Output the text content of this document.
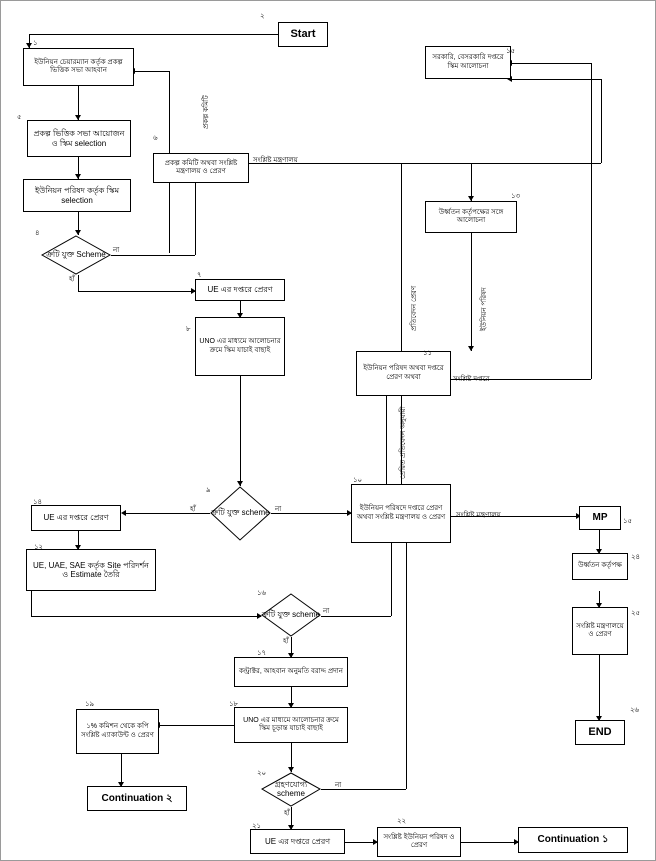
Start
২
ইউনিয়ন চেয়ারম্যান কর্তৃক প্রকল্প ভিত্তিক সভা আহবান
১
প্রকল্প ভিত্তিক সভা আয়োজন ও স্কিম selection
৫
ইউনিয়ন পরিষদ কর্তৃক স্কিম selection
ক্রটি যুক্ত Scheme
৪
না
হাঁ
প্রকল্প কমিটি অথবা সংশ্লিষ্ট মন্ত্রণালয় ও প্রেরণ
৬
UE এর দপ্তরে প্রেরণ
৭
UNO এর মাধ্যমে আলোচনার ক্রমে স্কিম যাচাই বাছাই
৮
ক্রটি যুক্ত scheme
৯
হাঁ	না
UE এর দপ্তরে প্রেরণ
১৪
UE, UAE, SAE কর্তৃক Site পরিদর্শন ও Estimate তৈরি
১২
ইউনিয়ন পরিষদে দপ্তরে প্রেরণ অথবা সংশ্লিষ্ট মন্ত্রণালয় ও প্রেরণ
১০
ইউনিয়ন পরিষদ অথবা দপ্তরে প্রেরণ অথবা
১১
উর্ধ্বতন কর্তৃপক্ষের সঙ্গে আলোচনা
১৩
সরকারি, বেসরকারি দপ্তরে স্কিম আলোচনা
১৫
MP	১৫
উর্ধ্বতন কর্তৃপক্ষ
২৪
সংশ্লিষ্ট মন্ত্রণালয়ে ও প্রেরণ
২৫
END
২৬
ক্রটি যুক্ত scheme
১৬
না
হাঁ
কন্ট্রাক্টর, আহবান অনুমতি বরাদ্দ প্রদান
১৭
UNO এর মাধ্যমে আলোচনার ক্রমে স্কিম চূড়ান্ত যাচাই বাছাই
১৮
১% কমিশন থেকে কপি সংশ্লিষ্ট এ্যাকাউন্ট ও প্রেরণ
১৯
Continuation ২
গ্রহণযোগ্য scheme
২০
না
হাঁ
UE এর দপ্তরে প্রেরণ
২১
সংশ্লিষ্ট ইউনিয়ন পরিষদ ও প্রেরণ
২২
Continuation ১
সংশ্লিষ্ট মন্ত্রণালয়
সংশ্লিষ্ট দপ্তরে
সংশ্লিষ্ট মন্ত্রণালয়
প্রকল্প কমিটি
প্রতিবেদন প্রেরণ	ইউনিয়ন পরিষদ
প্রেরিত প্রতিবেদন অনুযায়ী
